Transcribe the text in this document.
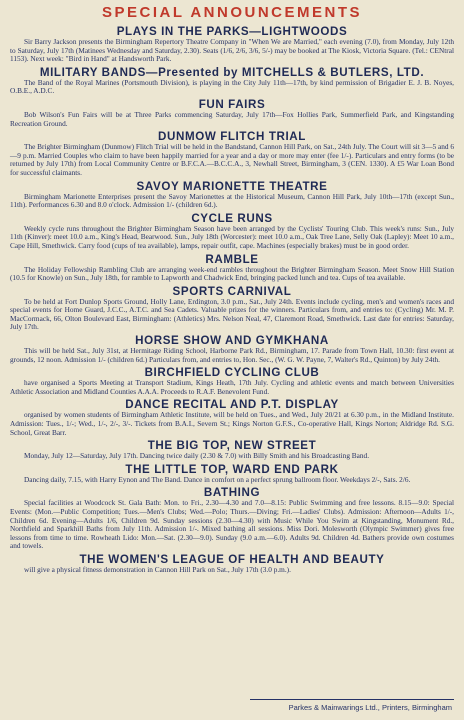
SPECIAL ANNOUNCEMENTS
PLAYS IN THE PARKS—LIGHTWOODS
Sir Barry Jackson presents the Birmingham Repertory Theatre Company in "When We are Married," each evening (7.0), from Monday, July 12th to Saturday, July 17th (Matinees Wednesday and Saturday, 2.30). Seats (1/6, 2/6, 3/6, 5/-) may be booked at The Kiosk, Victoria Square. (Tel.: CENtral 1153). Next week: "Bird in Hand" at Handsworth Park.
MILITARY BANDS—Presented by MITCHELLS & BUTLERS, LTD.
The Band of the Royal Marines (Portsmouth Division), is playing in the City July 11th—17th, by kind permission of Brigadier E. J. B. Noyes, O.B.E., A.D.C.
FUN FAIRS
Bob Wilson's Fun Fairs will be at Three Parks commencing Saturday, July 17th—Fox Hollies Park, Summerfield Park, and Kingstanding Recreation Ground.
DUNMOW FLITCH TRIAL
The Brighter Birmingham (Dunmow) Flitch Trial will be held in the Bandstand, Cannon Hill Park, on Sat., 24th July. The Court will sit 3—5 and 6—9 p.m. Married Couples who claim to have been happily married for a year and a day or more may enter (fee 1/-). Particulars and entry forms (to be returned by July 17th) from Local Community Centre or B.F.C.A.—B.C.C.A., 3, Newhall Street, Birmingham, 3 (CEN. 1330). A £5 War Loan Bond for successful claimants.
SAVOY MARIONETTE THEATRE
Birmingham Marionette Enterprises present the Savoy Marionettes at the Historical Museum, Cannon Hill Park, July 10th—17th (except Sun., 11th). Performances 6.30 and 8.0 o'clock. Admission 1/- (children 6d.).
CYCLE RUNS
Weekly cycle runs throughout the Brighter Birmingham Season have been arranged by the Cyclists' Touring Club. This week's runs: Sun., July 11th (Kinver): meet 10.0 a.m., King's Head, Bearwood. Sun., July 18th (Worcester): meet 10.0 a.m., Oak Tree Lane, Selly Oak (Lapley): Meet 10 a.m., Cape Hill, Smethwick. Carry food (cups of tea available), lamps, repair outfit, cape. Machines (especially brakes) must be in good order.
RAMBLE
The Holiday Fellowship Rambling Club are arranging week-end rambles throughout the Brighter Birmingham Season. Meet Snow Hill Station (10.5 for Knowle) on Sun., July 18th, for ramble to Lapworth and Chadwick End, bringing packed lunch and tea. Cups of tea available.
SPORTS CARNIVAL
To be held at Fort Dunlop Sports Ground, Holly Lane, Erdington, 3.0 p.m., Sat., July 24th. Events include cycling, men's and women's races and special events for Home Guard, J.C.C., A.T.C. and Sea Cadets. Valuable prizes for the winners. Particulars from, and entries to: (Cycling) Mr. M. P. MacCormack, 66, Olton Boulevard East, Birmingham: (Athletics) Mrs. Nelson Neal, 47, Claremont Road, Smethwick. Last date for entries: Saturday, July 17th.
HORSE SHOW AND GYMKHANA
This will be held Sat., July 31st, at Hermitage Riding School, Harborne Park Rd., Birmingham, 17. Parade from Town Hall, 10.30: first event at grounds, 12 noon. Admission 1/- (children 6d.) Particulars from, and entries to, Hon. Sec., (W. G. W. Payne, 7, Walter's Rd., Quinton) by July 24th.
BIRCHFIELD CYCLING CLUB
have organised a Sports Meeting at Transport Stadium, Kings Heath, 17th July. Cycling and athletic events and match between Universities Athletic Association and Midland Counties A.A.A. Proceeds to R.A.F. Benevolent Fund.
DANCE RECITAL AND P.T. DISPLAY
organised by women students of Birmingham Athletic Institute, will be held on Tues., and Wed., July 20/21 at 6.30 p.m., in the Midland Institute. Admission: Tues., 1/-; Wed., 1/-, 2/-, 3/-. Tickets from B.A.I., Severn St.; Kings Norton G.F.S., Co-operative Hall, Kings Norton; Aldridge Rd. S.G. School, Great Barr.
THE BIG TOP, NEW STREET
Monday, July 12—Saturday, July 17th. Dancing twice daily (2.30 & 7.0) with Billy Smith and his Broadcasting Band.
THE LITTLE TOP, WARD END PARK
Dancing daily, 7.15, with Harry Eynon and The Band. Dance in comfort on a perfect sprung ballroom floor. Weekdays 2/-, Sats. 2/6.
BATHING
Special facilities at Woodcock St. Gala Bath: Mon. to Fri., 2.30—4.30 and 7.0—8.15: Public Swimming and free lessons. 8.15—9.0: Special Events: (Mon.—Public Competition; Tues.—Men's Clubs; Wed.—Polo; Thurs.—Diving; Fri.—Ladies' Clubs). Admission: Afternoon—Adults 1/-, Children 6d. Evening—Adults 1/6, Children 9d. Sunday sessions (2.30—4.30) with Music While You Swim at Kingstanding, Monument Rd., Northfield and Sparkhill Baths from July 11th. Admission 1/-. Mixed bathing all sessions. Miss Dori. Molesworth (Olympic Swimmer) gives free lessons from time to time. Rowheath Lido: Mon.—Sat. (2.30—9.0). Sunday (9.0 a.m.—6.0). Adults 9d. Children 4d. Bathers provide own costumes and towels.
THE WOMEN'S LEAGUE OF HEALTH AND BEAUTY
will give a physical fitness demonstration in Cannon Hill Park on Sat., July 17th (3.0 p.m.).
Parkes & Mainwarings Ltd., Printers, Birmingham
